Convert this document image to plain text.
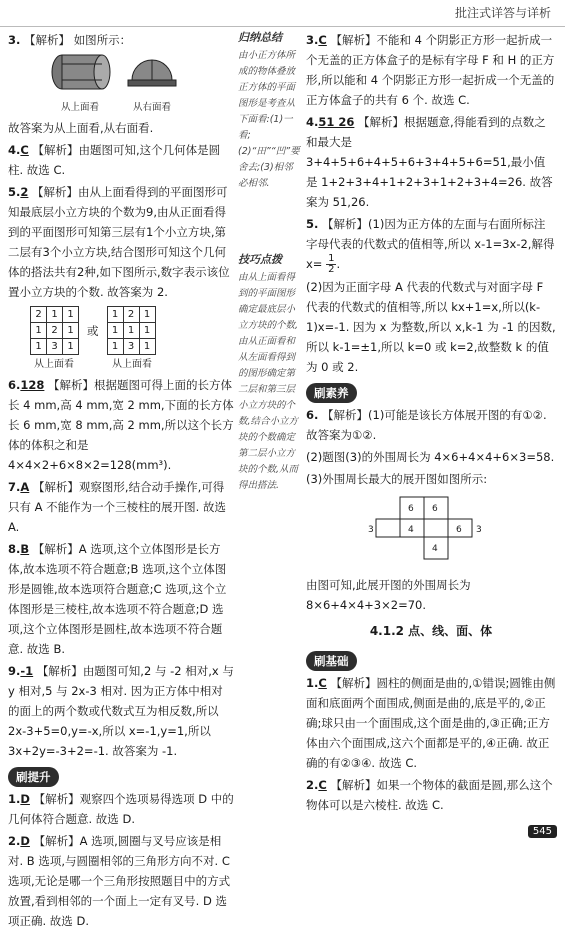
批注式详答与详析
3. 【解析】 如图所示：
从上面看	从右面看
故答案为从上面看,从右面看.
4.C 【解析】由题图可知,这个几何体是圆柱. 故选 C.
5.2 【解析】由从上面看得到的平面图形可知最底层小立方块的个数为9,由从正面看得到的平面图形可知第三层有1个小立方块,第二层有3个小立方块,结合图形可知这个几何体的搭法共有2种,如下图所示,数字表示该位置小立方块的个数. 故答案为 2.
2	1	1
1	2	1
1	3	1
或
1	2	1
1	1	1
1	3	1
从上面看	从上面看
6.128 【解析】根据题图可得上面的长方体长 4 mm,高 4 mm,宽 2 mm,下面的长方体长 6 mm,宽 8 mm,高 2 mm,所以这个长方体的体积之和是 4×4×2+6×8×2=128(mm³).
7.A 【解析】观察图形,结合动手操作,可得只有 A 不能作为一个三棱柱的展开图. 故选 A.
8.B 【解析】A 选项,这个立体图形是长方体,故本选项不符合题意;B 选项,这个立体图形是圆锥,故本选项符合题意;C 选项,这个立体图形是三棱柱,故本选项不符合题意;D 选项,这个立体图形是圆柱,故本选项不符合题意. 故选 B.
9.-1 【解析】由题图可知,2 与 -2 相对,x 与 y 相对,5 与 2x-3 相对. 因为正方体中相对的面上的两个数或代数式互为相反数,所以 2x-3+5=0,y=-x,所以 x=-1,y=1,所以 3x+2y=-3+2=-1. 故答案为 -1.
刷提升
1.D 【解析】观察四个选项易得选项 D 中的几何体符合题意. 故选 D.
2.D 【解析】A 选项,圆圈与叉号应该是相对. B 选项,与圆圈相邻的三角形方向不对. C 选项,无论是哪一个三角形按照题目中的方式放置,看到相邻的一个面上一定有叉号. D 选项正确. 故选 D.
归纳总结
由小正方体所成的物体叠放正方体的平面图形是考查从下面看:(1)一看;(2)“田”“凹”要舍去;(3)相邻必相邻.
技巧点拨
由从上面看得到的平面图形确定最底层小立方块的个数,由从正面看和从左面看得到的图形确定第二层和第三层小立方块的个数,结合小立方块的个数确定第二层小立方块的个数,从而得出搭法.
3.C 【解析】不能和 4 个阴影正方形一起折成一个无盖的正方体盒子的是标有字母 F 和 H 的正方形,所以能和 4 个阴影正方形一起折成一个无盖的正方体盒子的共有 6 个. 故选 C.
4.51 26 【解析】根据题意,得能看到的点数之和最大是 3+4+5+6+4+5+6+3+4+5+6=51,最小值是 1+2+3+4+1+2+3+1+2+3+4=26. 故答案为 51,26.
5. 【解析】(1)因为正方体的左面与右面所标注字母代表的代数式的值相等,所以 x-1=3x-2,解得 $x= \frac{1}{2}$ .
(2)因为正面字母 A 代表的代数式与对面字母 F 代表的代数式的值相等,所以 kx+1=x,所以(k-1)x=-1. 因为 x 为整数,所以 x,k-1 为 -1 的因数,所以 k-1=±1,所以 k=0 或 k=2,故整数 k 的值为 0 或 2.
刷素养
6. 【解析】(1)可能是该长方体展开图的有①②. 故答案为①②.
(2)题图(3)的外围周长为 4×6+4×4+6×3=58.
(3)外围周长最大的展开图如图所示:
3
6 6
4	6 3
4
由图可知,此展开图的外围周长为 8×6+4×4+3×2=70.
4.1.2 点、线、面、体
刷基础
1.C 【解析】圆柱的侧面是曲的,①错误;圆锥由侧面和底面两个面围成,侧面是曲的,底是平的,②正确;球只由一个面围成,这个面是曲的,③正确;正方体由六个面围成,这六个面都是平的,④正确. 故正确的有②③④. 故选 C.
2.C 【解析】如果一个物体的截面是圆,那么这个物体可以是六棱柱. 故选 C.
545
